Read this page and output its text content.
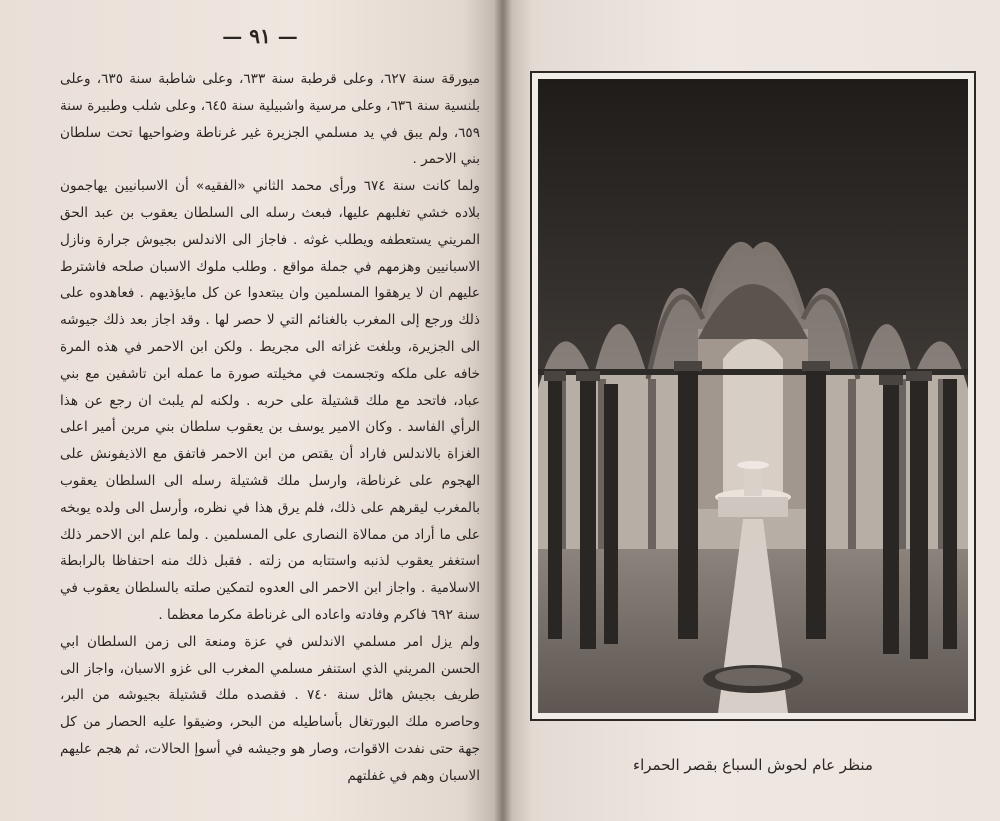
— ٩١ —

ميورقة سنة ٦٢٧، وعلى قرطبة سنة ٦٣٣، وعلى شاطبة سنة ٦٣٥، وعلى بلنسية سنة ٦٣٦، وعلى مرسية واشبيلية سنة ٦٤٥، وعلى شلب وطبيرة سنة ٦٥٩، ولم يبق في يد مسلمي الجزيرة غير غرناطة وضواحيها تحت سلطان بني الاحمر .

ولما كانت سنة ٦٧٤ ورأى محمد الثاني «الفقيه» أن الاسبانيين يهاجمون بلاده خشي تغلبهم عليها، فبعث رسله الى السلطان يعقوب بن عبد الحق المريني يستعطفه ويطلب غوثه . فاجاز الى الاندلس بجيوش جرارة ونازل الاسبانيين وهزمهم في جملة مواقع . وطلب ملوك الاسبان صلحه فاشترط عليهم ان لا يرهقوا المسلمين وان يبتعدوا عن كل مايؤذيهم . فعاهدوه على ذلك ورجع إلى المغرب بالغنائم التي لا حصر لها . وقد اجاز بعد ذلك جيوشه الى الجزيرة، وبلغت غزاته الى مجريط . ولكن ابن الاحمر في هذه المرة خافه على ملكه وتجسمت في مخيلته صورة ما عمله ابن تاشفين مع بني عباد، فاتحد مع ملك قشتيلة على حربه . ولكنه لم يلبث ان رجع عن هذا الرأي الفاسد . وكان الامير يوسف بن يعقوب سلطان بني مرين أمير اعلى الغزاة بالاندلس فاراد أن يقتص من ابن الاحمر فاتفق مع الاذيفونش على الهجوم على غرناطة، وارسل ملك قشتيلة رسله الى السلطان يعقوب بالمغرب ليقرهم على ذلك، فلم يرق هذا في نظره، وأرسل الى ولده يوبخه على ما أراد من ممالاة النصارى على المسلمين . ولما علم ابن الاحمر ذلك استغفر يعقوب لذنبه واستتابه من زلته . فقبل ذلك منه احتفاظا بالرابطة الاسلامية . واجاز ابن الاحمر الى العدوه لتمكين صلته بالسلطان يعقوب في سنة ٦٩٢ فاكرم وفادته واعاده الى غرناطة مكرما معظما .

ولم يزل امر مسلمي الاندلس في عزة ومنعة الى زمن السلطان ابي الحسن المريني الذي استنفر مسلمي المغرب الى غزو الاسبان، واجاز الى طريف بجيش هائل سنة ٧٤٠ . فقصده ملك قشتيلة بجيوشه من البر، وحاصره ملك البورتغال بأساطيله من البحر، وضيقوا عليه الحصار من كل جهة حتى نفدت الاقوات، وصار هو وجيشه في أسوإ الحالات، ثم هجم عليهم الاسبان وهم في غفلتهم

منظر عام لحوش السباع بقصر الحمراء
